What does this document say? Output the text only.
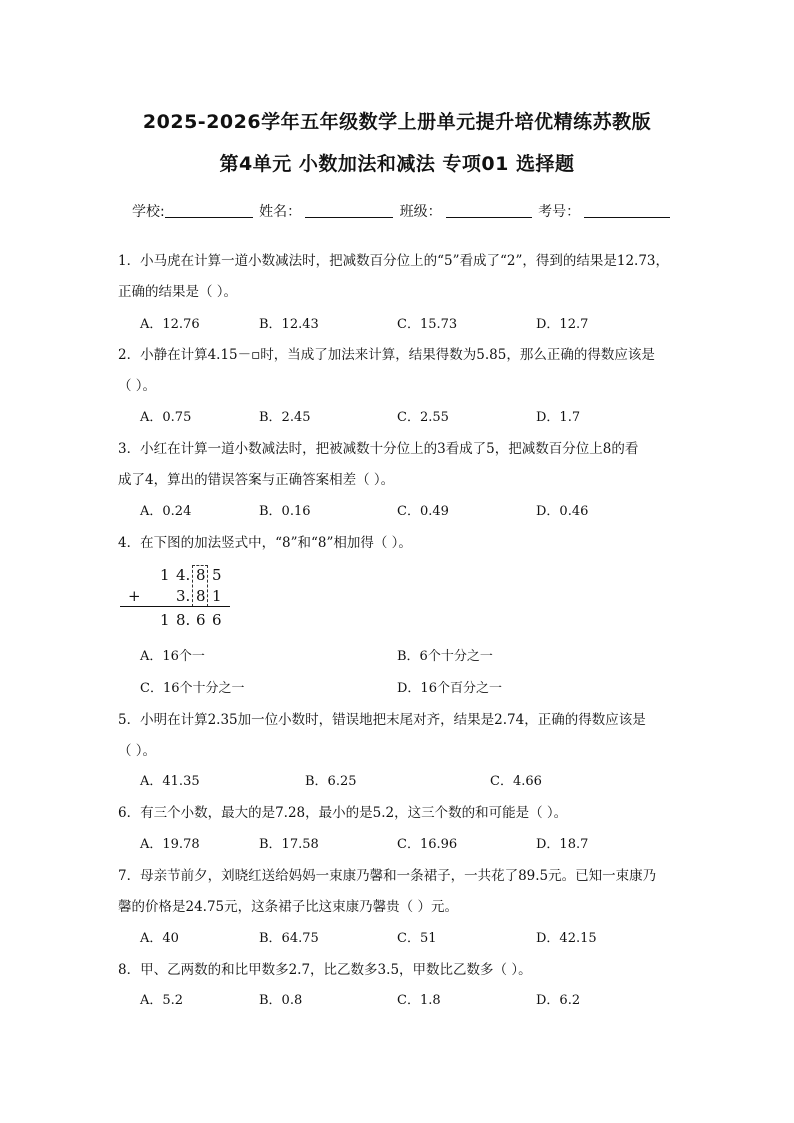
2025-2026学年五年级数学上册单元提升培优精练苏教版
第4单元 小数加法和减法 专项01 选择题
学校:	姓名：	班级：	考号：
1．小马虎在计算一道小数减法时，把减数百分位上的“5”看成了“2”，得到的结果是12.73，
正确的结果是（ ）。
A．12.76	B．12.43	C．15.73	D．12.7
2．小静在计算4.15－▫时，当成了加法来计算，结果得数为5.85，那么正确的得数应该是
（ ）。
A．0.75	B．2.45	C．2.55	D．1.7
3．小红在计算一道小数减法时，把被减数十分位上的3看成了5，把减数百分位上8的看
成了4，算出的错误答案与正确答案相差（ ）。
A．0.24	B．0.16	C．0.49	D．0.46
4．在下图的加法竖式中，“8”和“8”相加得（ ）。
1 4. 8 5
+ 3. 8 1
1 8. 6 6
A．16个一	B．6个十分之一
C．16个十分之一	D．16个百分之一
5．小明在计算2.35加一位小数时，错误地把末尾对齐，结果是2.74，正确的得数应该是
（ ）。
A．41.35	B．6.25	C．4.66
6．有三个小数，最大的是7.28，最小的是5.2，这三个数的和可能是（ ）。
A．19.78	B．17.58	C．16.96	D．18.7
7．母亲节前夕，刘晓红送给妈妈一束康乃馨和一条裙子，一共花了89.5元。已知一束康乃
馨的价格是24.75元，这条裙子比这束康乃馨贵（ ）元。
A．40	B．64.75	C．51	D．42.15
8．甲、乙两数的和比甲数多2.7，比乙数多3.5，甲数比乙数多（ ）。
A．5.2	B．0.8	C．1.8	D．6.2
